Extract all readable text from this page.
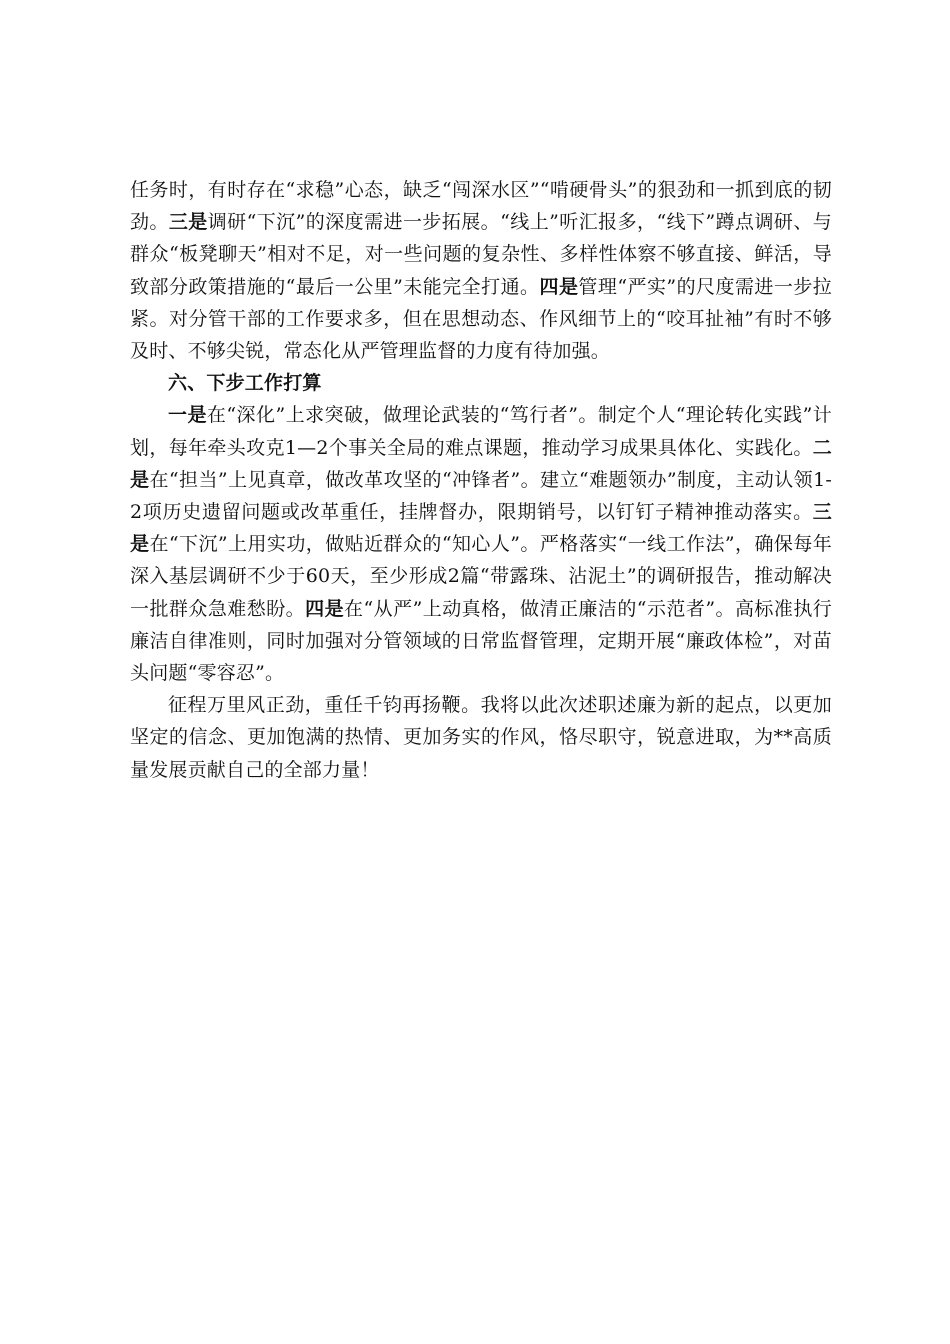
任务时，有时存在“求稳”心态，缺乏“闯深水区”“啃硬骨头”的狠劲和一抓到底的韧劲。三是调研“下沉”的深度需进一步拓展。“线上”听汇报多，“线下”蹲点调研、与群众“板凳聊天”相对不足，对一些问题的复杂性、多样性体察不够直接、鲜活，导致部分政策措施的“最后一公里”未能完全打通。四是管理“严实”的尺度需进一步拉紧。对分管干部的工作要求多，但在思想动态、作风细节上的“咬耳扯袖”有时不够及时、不够尖锐，常态化从严管理监督的力度有待加强。

六、下步工作打算

一是在“深化”上求突破，做理论武装的“笃行者”。制定个人“理论转化实践”计划，每年牵头攻克1—2个事关全局的难点课题，推动学习成果具体化、实践化。二是在“担当”上见真章，做改革攻坚的“冲锋者”。建立“难题领办”制度，主动认领1-2项历史遗留问题或改革重任，挂牌督办，限期销号，以钉钉子精神推动落实。三是在“下沉”上用实功，做贴近群众的“知心人”。严格落实“一线工作法”，确保每年深入基层调研不少于60天，至少形成2篇“带露珠、沾泥土”的调研报告，推动解决一批群众急难愁盼。四是在“从严”上动真格，做清正廉洁的“示范者”。高标准执行廉洁自律准则，同时加强对分管领域的日常监督管理，定期开展“廉政体检”，对苗头问题“零容忍”。

征程万里风正劲，重任千钧再扬鞭。我将以此次述职述廉为新的起点，以更加坚定的信念、更加饱满的热情、更加务实的作风，恪尽职守，锐意进取，为**高质量发展贡献自己的全部力量！
